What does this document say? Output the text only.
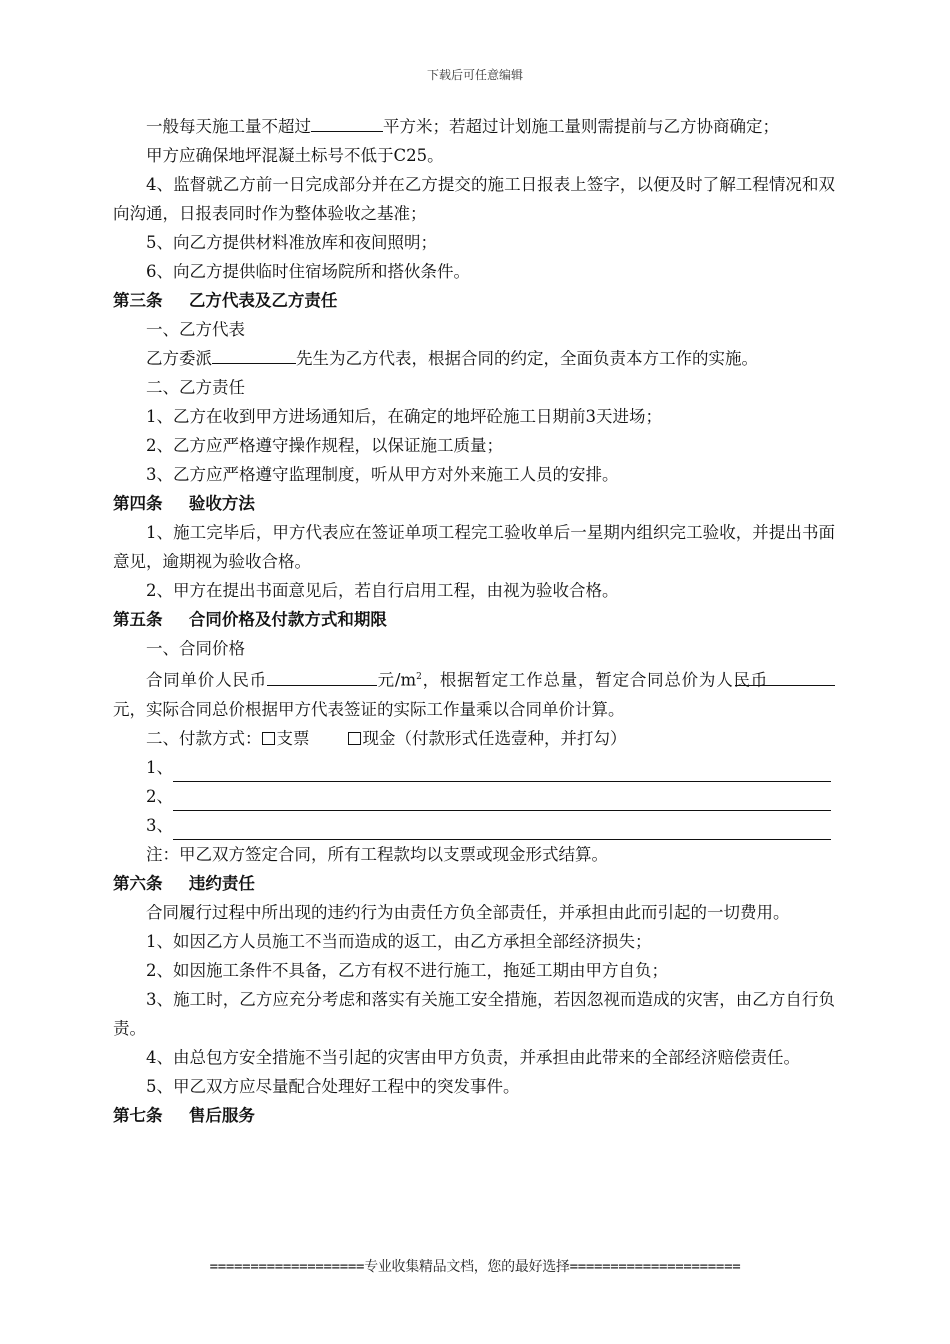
下载后可任意编辑

一般每天施工量不超过	平方米；若超过计划施工量则需提前与乙方协商确定；

甲方应确保地坪混凝土标号不低于C25。

4、监督就乙方前一日完成部分并在乙方提交的施工日报表上签字，以便及时了解工程情况和双向沟通，日报表同时作为整体验收之基准；

5、向乙方提供材料准放库和夜间照明；

6、向乙方提供临时住宿场院所和搭伙条件。

第三条 乙方代表及乙方责任

一、乙方代表

乙方委派	先生为乙方代表，根据合同的约定，全面负责本方工作的实施。

二、乙方责任

1、乙方在收到甲方进场通知后，在确定的地坪砼施工日期前3天进场；

2、乙方应严格遵守操作规程，以保证施工质量；

3、乙方应严格遵守监理制度，听从甲方对外来施工人员的安排。

第四条 验收方法

1、施工完毕后，甲方代表应在签证单项工程完工验收单后一星期内组织完工验收，并提出书面意见，逾期视为验收合格。

2、甲方在提出书面意见后，若自行启用工程，由视为验收合格。

第五条 合同价格及付款方式和期限

一、合同价格

合同单价人民币	元$/m^2$，根据暂定工作总量，暂定合同总价为人民币元，实际合同总价根据甲方代表签证的实际工作量乘以合同单价计算。

二、付款方式： 支票	现金（付款形式任选壹种，并打勾）

1、

2、

3、

注：甲乙双方签定合同，所有工程款均以支票或现金形式结算。

第六条 违约责任

合同履行过程中所出现的违约行为由责任方负全部责任，并承担由此而引起的一切费用。

1、如因乙方人员施工不当而造成的返工，由乙方承担全部经济损失；

2、如因施工条件不具备，乙方有权不进行施工，拖延工期由甲方自负；

3、施工时，乙方应充分考虑和落实有关施工安全措施，若因忽视而造成的灾害，由乙方自行负责。

4、由总包方安全措施不当引起的灾害由甲方负责，并承担由此带来的全部经济赔偿责任。

5、甲乙双方应尽量配合处理好工程中的突发事件。

第七条 售后服务

===================专业收集精品文档，您的最好选择=====================
